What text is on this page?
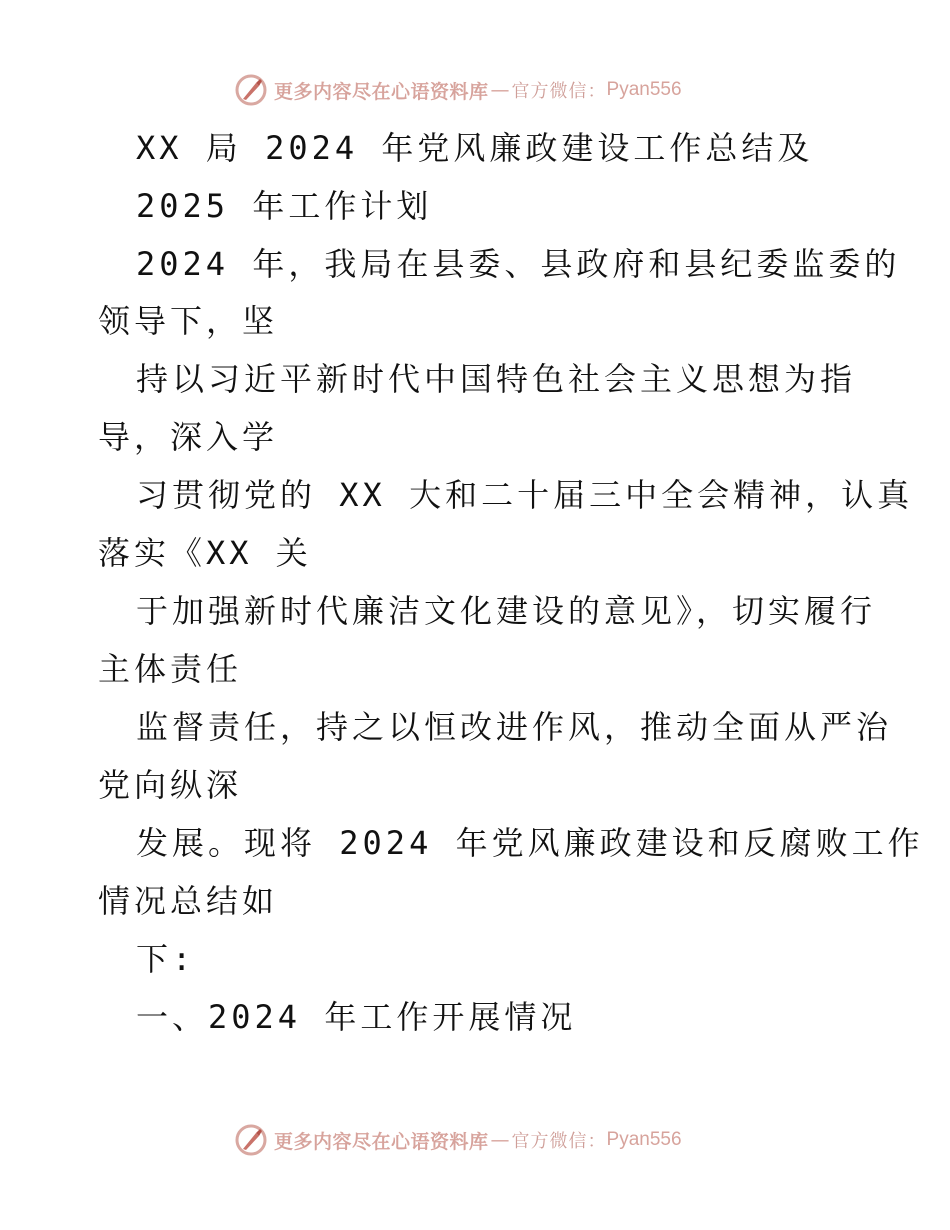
更多内容尽在心语资料库 — 官方微信： Pyan556
XX 局 2024 年党风廉政建设工作总结及
2025 年工作计划
2024 年，我局在县委、县政府和县纪委监委的
领导下，坚
持以习近平新时代中国特色社会主义思想为指
导，深入学
习贯彻党的 XX 大和二十届三中全会精神，认真
落实《XX 关
于加强新时代廉洁文化建设的意见》，切实履行
主体责任
监督责任，持之以恒改进作风，推动全面从严治
党向纵深
发展。现将 2024 年党风廉政建设和反腐败工作
情况总结如
下:
一、2024 年工作开展情况
更多内容尽在心语资料库 — 官方微信： Pyan556
